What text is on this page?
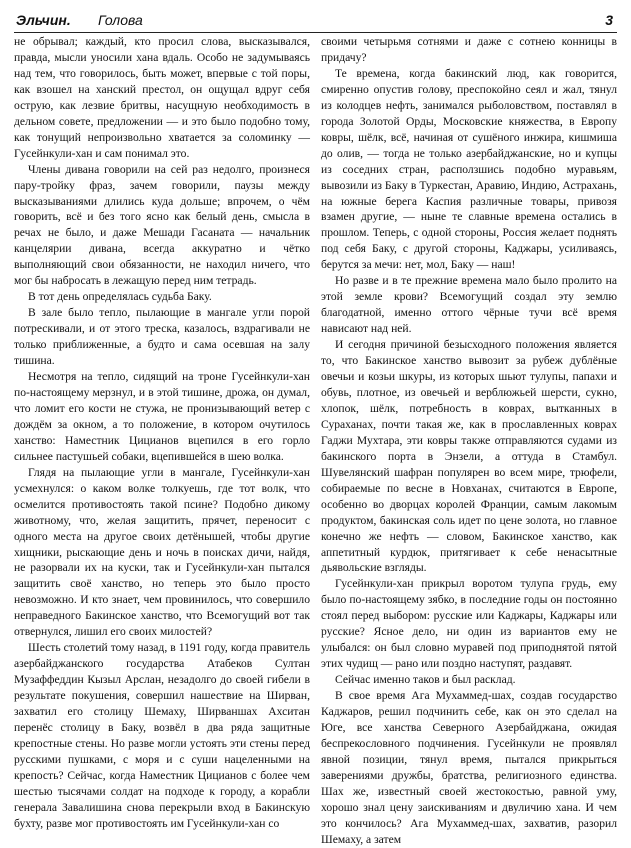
Эльчин.
Голова	3

не обрывал; каждый, кто просил слова, высказывался, правда, мысли уносили хана вдаль. Особо не задумываясь над тем, что говорилось, быть может, впервые с той поры, как взошел на ханский престол, он ощущал вдруг себя острую, как лезвие бритвы, насущную необходимость в дельном совете, предложении — и это было подобно тому, как тонущий непроизвольно хватается за соломинку — Гусейнкули-хан и сам понимал это.

Члены дивана говорили на сей раз недолго, произнеся пару-тройку фраз, зачем говорили, паузы между высказываниями длились куда дольше; впрочем, о чём говорить, всё и без того ясно как белый день, смысла в речах не было, и даже Мешади Гасаната — начальник канцелярии дивана, всегда аккуратно и чётко выполняющий свои обязанности, не находил ничего, что мог бы набросать в лежащую перед ним тетрадь.

В тот день определялась судьба Баку.

В зале было тепло, пылающие в мангале угли порой потрескивали, и от этого треска, казалось, вздрагивали не только приближенные, а будто и сама осевшая на залу тишина.

Несмотря на тепло, сидящий на троне Гусейнкули-хан по-настоящему мерзнул, и в этой тишине, дрожа, он думал, что ломит его кости не стужа, не пронизывающий ветер с дождём за окном, а то положение, в котором очутилось ханство: Наместник Цицианов вцепился в его горло сильнее пастушьей собаки, вцепившейся в шею волка.

Глядя на пылающие угли в мангале, Гусейнкули-хан усмехнулся: о каком волке толкуешь, где тот волк, что осмелится противостоять такой псине? Подобно дикому животному, что, желая защитить, прячет, переносит с одного места на другое своих детёнышей, чтобы другие хищники, рыскающие день и ночь в поисках дичи, найдя, не разорвали их на куски, так и Гусейнкули-хан пытался защитить своё ханство, но теперь это было просто невозможно. И кто знает, чем провинилось, что совершило неправедного Бакинское ханство, что Всемогущий вот так отвернулся, лишил его своих милостей?

Шесть столетий тому назад, в 1191 году, когда правитель азербайджанского государства Атабеков Султан Музаффеддин Кызыл Арслан, незадолго до своей гибели в результате покушения, совершил нашествие на Ширван, захватил его столицу Шемаху, Ширваншах Ахситан перенёс столицу в Баку, возвёл в два ряда защитные крепостные стены. Но разве могли устоять эти стены перед русскими пушками, с моря и с суши нацеленными на крепость? Сейчас, когда Наместник Цицианов с более чем шестью тысячами солдат на подходе к городу, а корабли генерала Завалишина снова перекрыли вход в Бакинскую бухту, разве мог противостоять им Гусейнкули-хан со

своими четырьмя сотнями и даже с сотнею конницы в придачу?

Те времена, когда бакинский люд, как говорится, смиренно опустив голову, преспокойно сеял и жал, тянул из колодцев нефть, занимался рыболовством, поставлял в города Золотой Орды, Московские княжества, в Европу ковры, шёлк, всё, начиная от сушёного инжира, кишмиша до олив, — тогда не только азербайджанские, но и купцы из соседних стран, расползшись подобно муравьям, вывозили из Баку в Туркестан, Аравию, Индию, Астрахань, на южные берега Каспия различные товары, привозя взамен другие, — ныне те славные времена остались в прошлом. Теперь, с одной стороны, Россия желает поднять под себя Баку, с другой стороны, Каджары, усиливаясь, берутся за мечи: нет, мол, Баку — наш!

Но разве и в те прежние времена мало было пролито на этой земле крови? Всемогущий создал эту землю благодатной, именно оттого чёрные тучи всё время нависают над ней.

И сегодня причиной безысходного положения является то, что Бакинское ханство вывозит за рубеж дублёные овечьи и козьи шкуры, из которых шьют тулупы, папахи и обувь, плотное, из овечьей и верблюжьей шерсти, сукно, хлопок, шёлк, потребность в коврах, вытканных в Сураханах, почти такая же, как в прославленных коврах Гаджи Мухтара, эти ковры также отправляются судами из бакинского порта в Энзели, а оттуда в Стамбул. Шувелянский шафран популярен во всем мире, трюфели, собираемые по весне в Новханах, считаются в Европе, особенно во дворцах королей Франции, самым лакомым продуктом, бакинская соль идет по цене золота, но главное конечно же нефть — словом, Бакинское ханство, как аппетитный курдюк, притягивает к себе ненасытные дьявольские взгляды.

Гусейнкули-хан прикрыл воротом тулупа грудь, ему было по-настоящему зябко, в последние годы он постоянно стоял перед выбором: русские или Каджары, Каджары или русские? Ясное дело, ни один из вариантов ему не улыбался: он был словно муравей под приподнятой пятой этих чудищ — рано или поздно наступят, раздавят.

Сейчас именно таков и был расклад.

В свое время Ага Мухаммед-шах, создав государство Каджаров, решил подчинить себе, как он это сделал на Юге, все ханства Северного Азербайджана, ожидая беспрекословного подчинения. Гусейнкули не проявлял явной позиции, тянул время, пытался прикрыться заверениями дружбы, братства, религиозного единства. Шах же, известный своей жестокостью, равной уму, хорошо знал цену заискиваниям и двуличию хана. И чем это кончилось? Ага Мухаммед-шах, захватив, разорил Шемаху, а затем
